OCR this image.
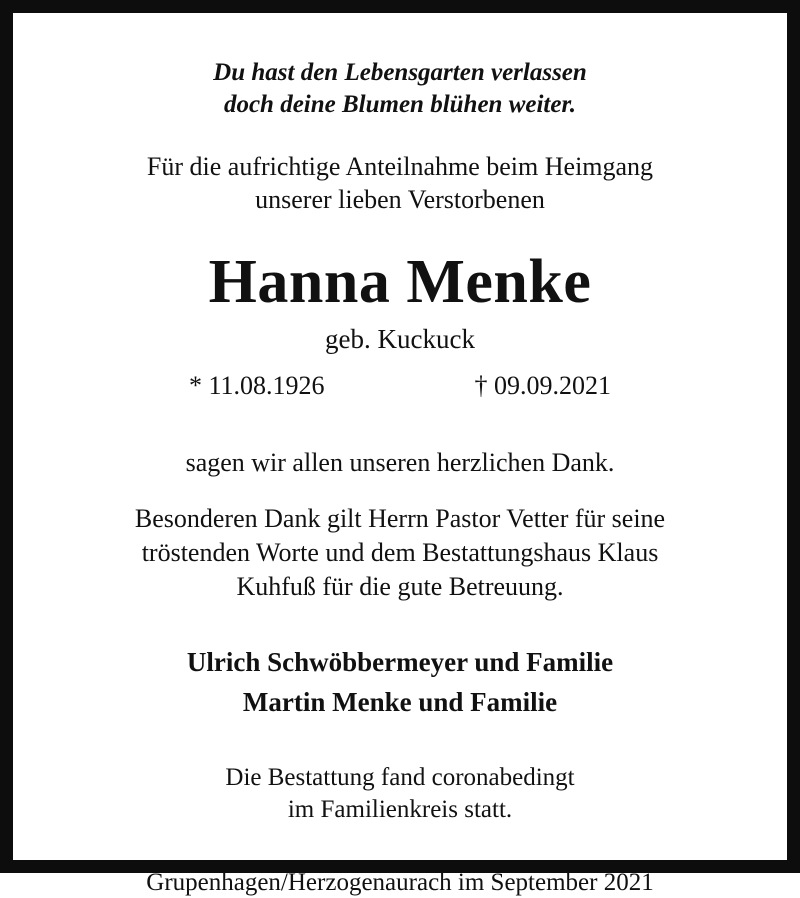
Du hast den Lebensgarten verlassen
doch deine Blumen blühen weiter.
Für die aufrichtige Anteilnahme beim Heimgang
unserer lieben Verstorbenen
Hanna Menke
geb. Kuckuck
* 11.08.1926	† 09.09.2021
sagen wir allen unseren herzlichen Dank.
Besonderen Dank gilt Herrn Pastor Vetter für seine
tröstenden Worte und dem Bestattungshaus Klaus
Kuhfuß für die gute Betreuung.
Ulrich Schwöbbermeyer und Familie
Martin Menke und Familie
Die Bestattung fand coronabedingt
im Familienkreis statt.
Grupenhagen/Herzogenaurach im September 2021
